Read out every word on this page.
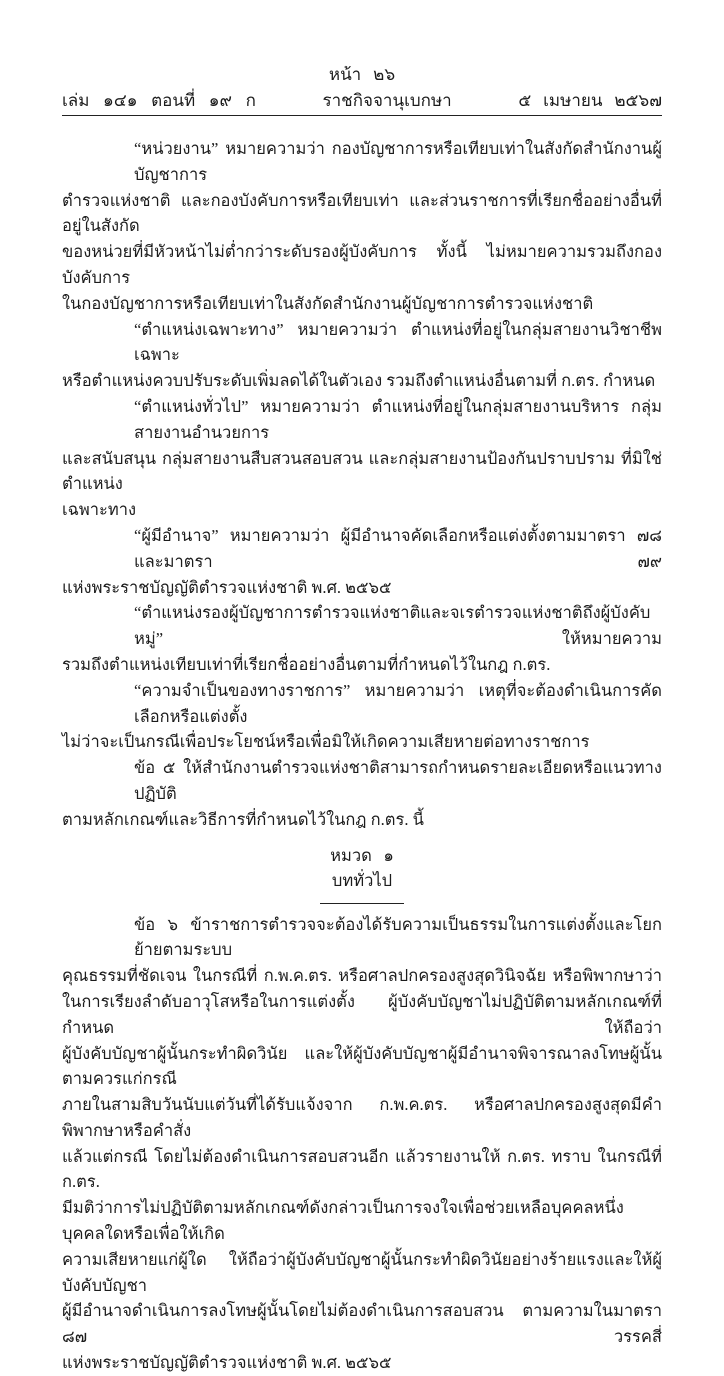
หน้า ๒๖
เล่ม ๑๔๑ ตอนที่ ๑๙ ก	ราชกิจจานุเบกษา	๕ เมษายน ๒๕๖๗
“หน่วยงาน” หมายความว่า กองบัญชาการหรือเทียบเท่าในสังกัดสำนักงานผู้บัญชาการ
ตำรวจแห่งชาติ และกองบังคับการหรือเทียบเท่า และส่วนราชการที่เรียกชื่ออย่างอื่นที่อยู่ในสังกัด
ของหน่วยที่มีหัวหน้าไม่ต่ำกว่าระดับรองผู้บังคับการ ทั้งนี้ ไม่หมายความรวมถึงกองบังคับการ
ในกองบัญชาการหรือเทียบเท่าในสังกัดสำนักงานผู้บัญชาการตำรวจแห่งชาติ
“ตำแหน่งเฉพาะทาง” หมายความว่า ตำแหน่งที่อยู่ในกลุ่มสายงานวิชาชีพเฉพาะ
หรือตำแหน่งควบปรับระดับเพิ่มลดได้ในตัวเอง รวมถึงตำแหน่งอื่นตามที่ ก.ตร. กำหนด
“ตำแหน่งทั่วไป” หมายความว่า ตำแหน่งที่อยู่ในกลุ่มสายงานบริหาร กลุ่มสายงานอำนวยการ
และสนับสนุน กลุ่มสายงานสืบสวนสอบสวน และกลุ่มสายงานป้องกันปราบปราม ที่มิใช่ตำแหน่ง
เฉพาะทาง
“ผู้มีอำนาจ” หมายความว่า ผู้มีอำนาจคัดเลือกหรือแต่งตั้งตามมาตรา ๗๘ และมาตรา ๗๙
แห่งพระราชบัญญัติตำรวจแห่งชาติ พ.ศ. ๒๕๖๕
“ตำแหน่งรองผู้บัญชาการตำรวจแห่งชาติและจเรตำรวจแห่งชาติถึงผู้บังคับหมู่” ให้หมายความ
รวมถึงตำแหน่งเทียบเท่าที่เรียกชื่ออย่างอื่นตามที่กำหนดไว้ในกฎ ก.ตร.
“ความจำเป็นของทางราชการ” หมายความว่า เหตุที่จะต้องดำเนินการคัดเลือกหรือแต่งตั้ง
ไม่ว่าจะเป็นกรณีเพื่อประโยชน์หรือเพื่อมิให้เกิดความเสียหายต่อทางราชการ
ข้อ ๕ ให้สำนักงานตำรวจแห่งชาติสามารถกำหนดรายละเอียดหรือแนวทางปฏิบัติ
ตามหลักเกณฑ์และวิธีการที่กำหนดไว้ในกฎ ก.ตร. นี้
หมวด ๑
บททั่วไป
ข้อ ๖ ข้าราชการตำรวจจะต้องได้รับความเป็นธรรมในการแต่งตั้งและโยกย้ายตามระบบ
คุณธรรมที่ชัดเจน ในกรณีที่ ก.พ.ค.ตร. หรือศาลปกครองสูงสุดวินิจฉัย หรือพิพากษาว่า
ในการเรียงลำดับอาวุโสหรือในการแต่งตั้ง ผู้บังคับบัญชาไม่ปฏิบัติตามหลักเกณฑ์ที่กำหนด ให้ถือว่า
ผู้บังคับบัญชาผู้นั้นกระทำผิดวินัย และให้ผู้บังคับบัญชาผู้มีอำนาจพิจารณาลงโทษผู้นั้นตามควรแก่กรณี
ภายในสามสิบวันนับแต่วันที่ได้รับแจ้งจาก ก.พ.ค.ตร. หรือศาลปกครองสูงสุดมีคำพิพากษาหรือคำสั่ง
แล้วแต่กรณี โดยไม่ต้องดำเนินการสอบสวนอีก แล้วรายงานให้ ก.ตร. ทราบ ในกรณีที่ ก.ตร.
มีมติว่าการไม่ปฏิบัติตามหลักเกณฑ์ดังกล่าวเป็นการจงใจเพื่อช่วยเหลือบุคคลหนึ่งบุคคลใดหรือเพื่อให้เกิด
ความเสียหายแก่ผู้ใด ให้ถือว่าผู้บังคับบัญชาผู้นั้นกระทำผิดวินัยอย่างร้ายแรงและให้ผู้บังคับบัญชา
ผู้มีอำนาจดำเนินการลงโทษผู้นั้นโดยไม่ต้องดำเนินการสอบสวน ตามความในมาตรา ๘๗ วรรคสี่
แห่งพระราชบัญญัติตำรวจแห่งชาติ พ.ศ. ๒๕๖๕
